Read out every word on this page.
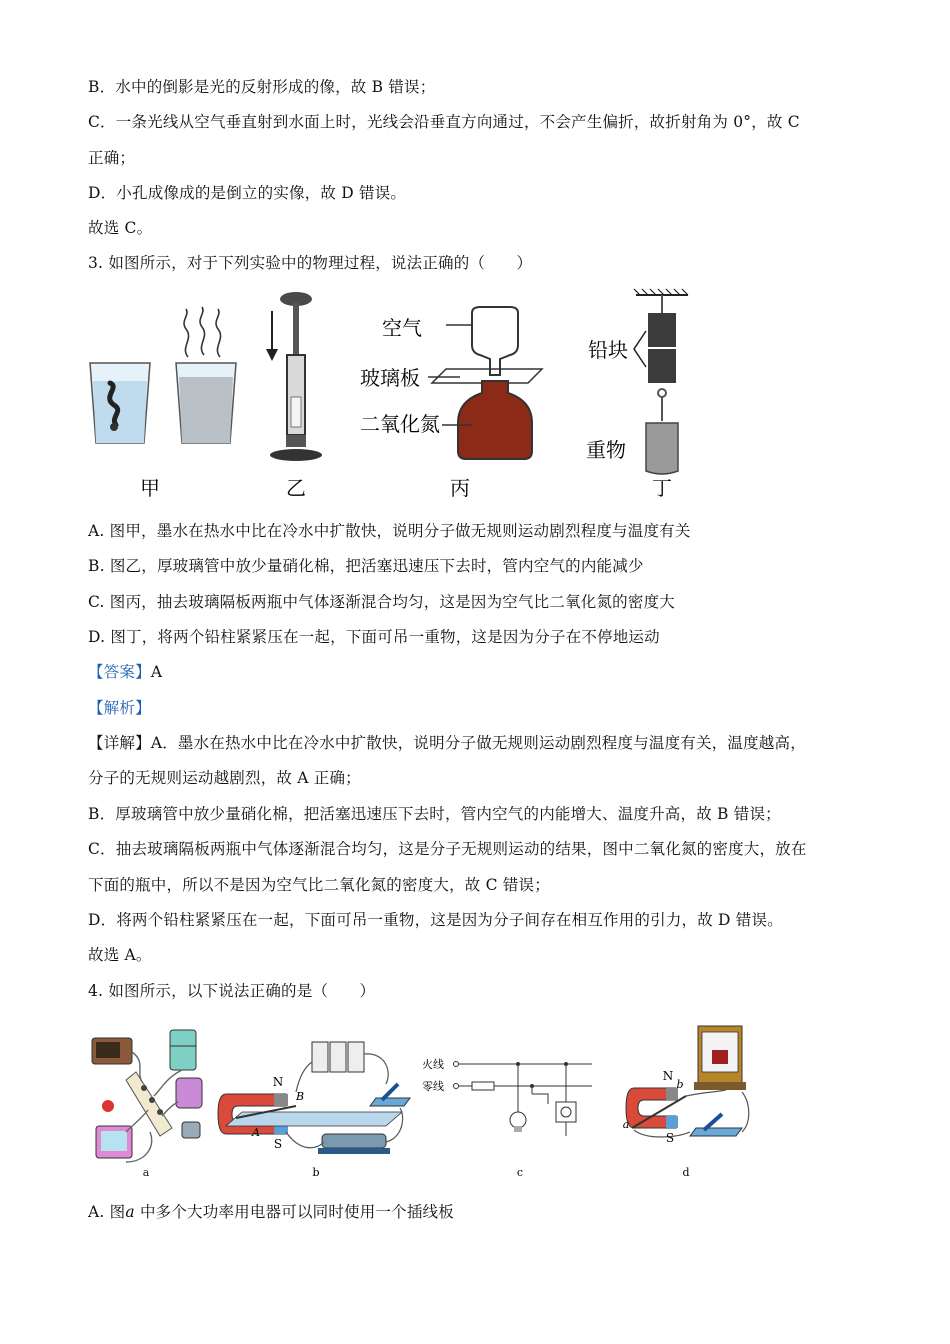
B．水中的倒影是光的反射形成的像，故 B 错误；
C．一条光线从空气垂直射到水面上时，光线会沿垂直方向通过，不会产生偏折，故折射角为 0°，故 C
正确；
D．小孔成像成的是倒立的实像，故 D 错误。
故选 C。
3. 如图所示，对于下列实验中的物理过程，说法正确的（　　）
甲	乙
空气
玻璃板
二氧化氮
丙
铅块
重物
丁
A. 图甲，墨水在热水中比在冷水中扩散快，说明分子做无规则运动剧烈程度与温度有关
B. 图乙，厚玻璃管中放少量硝化棉，把活塞迅速压下去时，管内空气的内能减少
C. 图丙，抽去玻璃隔板两瓶中气体逐渐混合均匀，这是因为空气比二氧化氮的密度大
D. 图丁，将两个铅柱紧紧压在一起，下面可吊一重物，这是因为分子在不停地运动
【答案】A
【解析】
【详解】A．墨水在热水中比在冷水中扩散快，说明分子做无规则运动剧烈程度与温度有关，温度越高，
分子的无规则运动越剧烈，故 A 正确；
B．厚玻璃管中放少量硝化棉，把活塞迅速压下去时，管内空气的内能增大、温度升高，故 B 错误；
C．抽去玻璃隔板两瓶中气体逐渐混合均匀，这是分子无规则运动的结果，图中二氧化氮的密度大，放在
下面的瓶中，所以不是因为空气比二氧化氮的密度大，故 C 错误；
D．将两个铅柱紧紧压在一起，下面可吊一重物，这是因为分子间存在相互作用的引力，故 D 错误。
故选 A。
4. 如图所示，以下说法正确的是（　　）
a
N
S
A
B
b
火线
零线
c
N
S
a
b
d
A. 图a 中多个大功率用电器可以同时使用一个插线板
